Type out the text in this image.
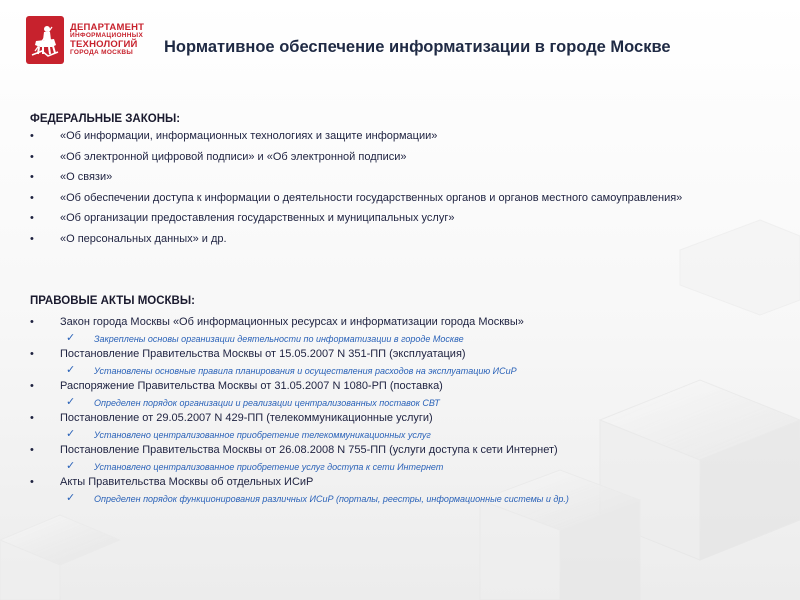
ДЕПАРТАМЕНТ
ИНФОРМАЦИОННЫХ
ТЕХНОЛОГИЙ
ГОРОДА МОСКВЫ	Нормативное обеспечение информатизации в городе Москве
ФЕДЕРАЛЬНЫЕ ЗАКОНЫ:
• «Об информации, информационных технологиях и защите информации»
• «Об электронной цифровой подписи» и «Об электронной подписи»
• «О связи»
• «Об обеспечении доступа к информации о деятельности государственных органов и органов местного самоуправления»
• «Об организации предоставления государственных и муниципальных услуг»
• «О персональных данных» и др.
ПРАВОВЫЕ АКТЫ МОСКВЫ:
• Закон города Москвы «Об информационных ресурсах и информатизации города Москвы»
✓ Закреплены основы организации деятельности по информатизации в городе Москве
• Постановление Правительства Москвы от 15.05.2007 N 351-ПП (эксплуатация)
✓ Установлены основные правила планирования и осуществления расходов на эксплуатацию ИСиР
• Распоряжение Правительства Москвы от 31.05.2007 N 1080-РП (поставка)
✓ Определен порядок организации и реализации централизованных поставок СВТ
• Постановление от 29.05.2007 N 429-ПП (телекоммуникационные услуги)
✓ Установлено централизованное приобретение телекоммуникационных услуг
• Постановление Правительства Москвы от 26.08.2008 N 755-ПП (услуги доступа к сети Интернет)
✓ Установлено централизованное приобретение услуг доступа к сети Интернет
• Акты Правительства Москвы об отдельных ИСиР
✓ Определен порядок функционирования различных ИСиР (порталы, реестры, информационные системы и др.)
